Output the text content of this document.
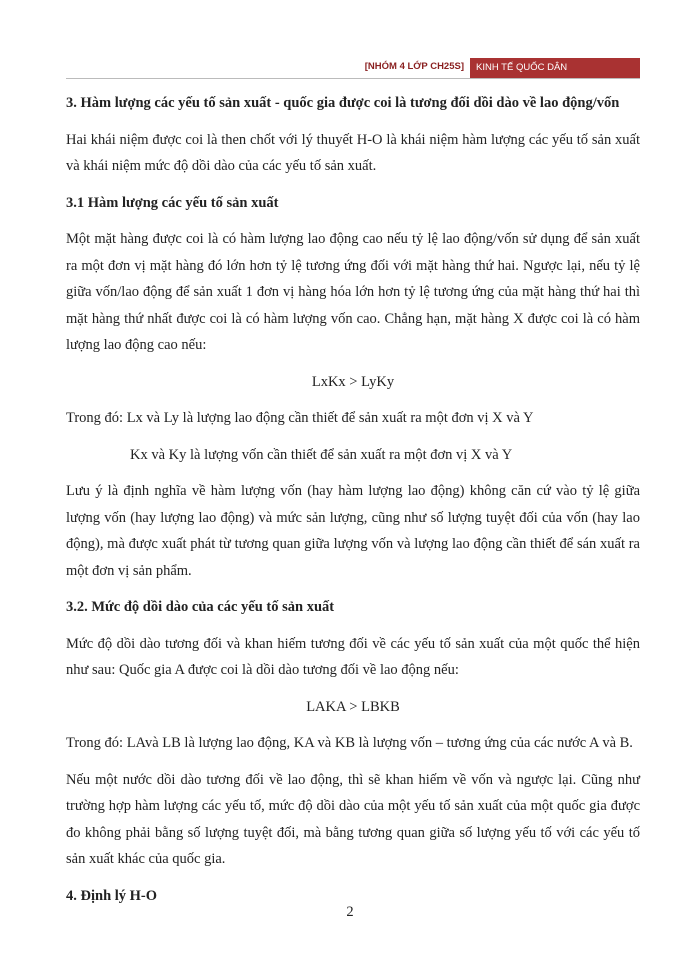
[NHÓM 4 LỚP CH25S]	KINH TẾ QUỐC DÂN
3. Hàm lượng các yếu tố sản xuất - quốc gia được coi là tương đối dồi dào về lao động/vốn

Hai khái niệm được coi là then chốt với lý thuyết H-O là khái niệm hàm lượng các yếu tố sản xuất và khái niệm mức độ dồi dào của các yếu tố sản xuất.

3.1 Hàm lượng các yếu tố sản xuất

Một mặt hàng được coi là có hàm lượng lao động cao nếu tỷ lệ lao động/vốn sử dụng để sản xuất ra một đơn vị mặt hàng đó lớn hơn tỷ lệ tương ứng đối với mặt hàng thứ hai. Ngược lại, nếu tỷ lệ giữa vốn/lao động để sản xuất 1 đơn vị hàng hóa lớn hơn tỷ lệ tương ứng của mặt hàng thứ hai thì mặt hàng thứ nhất được coi là có hàm lượng vốn cao. Chẳng hạn, mặt hàng X được coi là có hàm lượng lao động cao nếu:

LxKx > LyKy

Trong đó: Lx và Ly là lượng lao động cần thiết để sản xuất ra một đơn vị X và Y

Kx và Ky là lượng vốn cần thiết để sản xuất ra một đơn vị X và Y

Lưu ý là định nghĩa về hàm lượng vốn (hay hàm lượng lao động) không căn cứ vào tỷ lệ giữa lượng vốn (hay lượng lao động) và mức sản lượng, cũng như số lượng tuyệt đối của vốn (hay lao động), mà được xuất phát từ tương quan giữa lượng vốn và lượng lao động cần thiết để sán xuất ra một đơn vị sản phẩm.

3.2. Mức độ dồi dào của các yếu tố sản xuất

Mức độ dồi dào tương đối và khan hiếm tương đối về các yếu tố sản xuất của một quốc thể hiện như sau: Quốc gia A được coi là dồi dào tương đối về lao động nếu:

LAKA > LBKB

Trong đó: LAvà LB là lượng lao động, KA và KB là lượng vốn – tương ứng của các nước A và B.

Nếu một nước dồi dào tương đối về lao động, thì sẽ khan hiếm về vốn và ngược lại. Cũng như trường hợp hàm lượng các yếu tố, mức độ dồi dào của một yếu tố sản xuất của một quốc gia được đo không phải bằng số lượng tuyệt đối, mà bằng tương quan giữa số lượng yếu tố với các yếu tố sản xuất khác của quốc gia.

4. Định lý H-O
2
